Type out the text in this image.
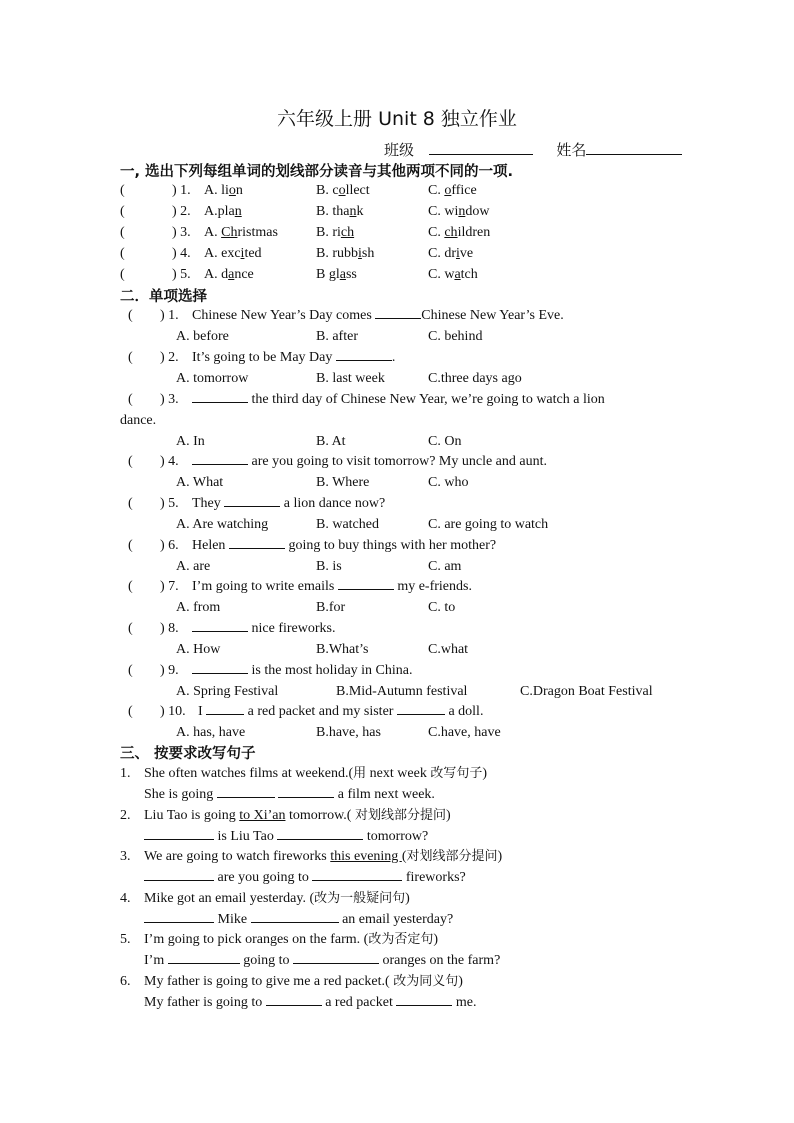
六年级上册 Unit 8 独立作业
班级	姓名
一, 选出下列每组单词的划线部分读音与其他两项不同的一项.
(	) 1. A. lion	B. collect	C. office
(	) 2. A.plan	B. thank	C. window
(	) 3. A. Christmas	B. rich	C. children
(	) 4. A. excited	B. rubbish	C. drive
(	) 5. A. dance	B glass	C. watch
二．单项选择
( ) 1. Chinese New Year’s Day comes	Chinese New Year’s Eve.
A. before	B. after	C. behind
( ) 2. It’s going to be May Day	.
A. tomorrow	B. last week	C.three days ago
( ) 3.	the third day of Chinese New Year, we’re going to watch a lion
dance.
A. In	B. At	C. On
( ) 4.	are you going to visit tomorrow? My uncle and aunt.
A. What	B. Where	C. who
( ) 5. They	a lion dance now?
A. Are watching	B. watched	C. are going to watch
( ) 6. Helen	going to buy things with her mother?
A. are	B. is	C. am
( ) 7. I’m going to write emails	my e-friends.
A. from	B.for	C. to
( ) 8.	nice fireworks.
A. How	B.What’s	C.what
( ) 9.	is the most holiday in China.
A. Spring Festival	B.Mid-Autumn festival	C.Dragon Boat Festival
( ) 10. I	a red packet and my sister	a doll.
A. has, have	B.have, has	C.have, have
三、 按要求改写句子
1. She often watches films at weekend.(用 next week 改写句子)
She is going	a film next week.
2. Liu Tao is going to Xi’an tomorrow.( 对划线部分提问)
is Liu Tao	tomorrow?
3. We are going to watch fireworks this evening (对划线部分提问)
are you going to	fireworks?
4. Mike got an email yesterday. (改为一般疑问句)
Mike	an email yesterday?
5. I’m going to pick oranges on the farm. (改为否定句)
I’m	going to	oranges on the farm?
6. My father is going to give me a red packet.( 改为同义句)
My father is going to	a red packet	me.
